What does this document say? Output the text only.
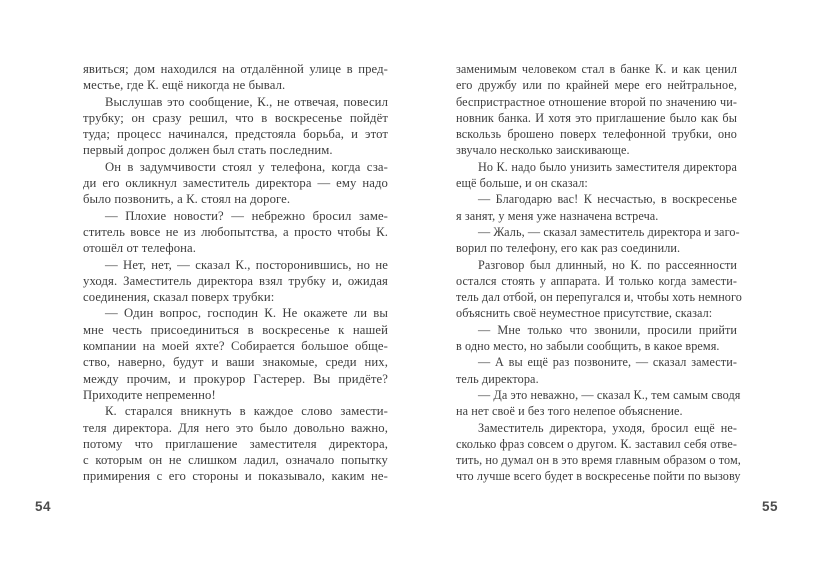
явиться; дом находился на отдалённой улице в пред-
местье, где К. ещё никогда не бывал.
Выслушав это сообщение, К., не отвечая, повесил
трубку; он сразу решил, что в воскресенье пойдёт
туда; процесс начинался, предстояла борьба, и этот
первый допрос должен был стать последним.
Он в задумчивости стоял у телефона, когда сза-
ди его окликнул заместитель директора — ему надо
было позвонить, а К. стоял на дороге.
— Плохие новости? — небрежно бросил заме-
ститель вовсе не из любопытства, а просто чтобы К.
отошёл от телефона.
— Нет, нет, — сказал К., посторонившись, но не
уходя. Заместитель директора взял трубку и, ожидая
соединения, сказал поверх трубки:
— Один вопрос, господин К. Не окажете ли вы
мне честь присоединиться в воскресенье к нашей
компании на моей яхте? Собирается большое обще-
ство, наверно, будут и ваши знакомые, среди них,
между прочим, и прокурор Гастерер. Вы придёте?
Приходите непременно!
К. старался вникнуть в каждое слово замести-
теля директора. Для него это было довольно важно,
потому что приглашение заместителя директора,
с которым он не слишком ладил, означало попытку
примирения с его стороны и показывало, каким не-
заменимым человеком стал в банке К. и как ценил
его дружбу или по крайней мере его нейтральное,
беспристрастное отношение второй по значению чи-
новник банка. И хотя это приглашение было как бы
вскользь брошено поверх телефонной трубки, оно
звучало несколько заискивающе.
Но К. надо было унизить заместителя директора
ещё больше, и он сказал:
— Благодарю вас! К несчастью, в воскресенье
я занят, у меня уже назначена встреча.
— Жаль, — сказал заместитель директора и заго-
ворил по телефону, его как раз соединили.
Разговор был длинный, но К. по рассеянности
остался стоять у аппарата. И только когда замести-
тель дал отбой, он перепугался и, чтобы хоть немного
объяснить своё неуместное присутствие, сказал:
— Мне только что звонили, просили прийти
в одно место, но забыли сообщить, в какое время.
— А вы ещё раз позвоните, — сказал замести-
тель директора.
— Да это неважно, — сказал К., тем самым сводя
на нет своё и без того нелепое объяснение.
Заместитель директора, уходя, бросил ещё не-
сколько фраз совсем о другом. К. заставил себя отве-
тить, но думал он в это время главным образом о том,
что лучше всего будет в воскресенье пойти по вызову
54	55
